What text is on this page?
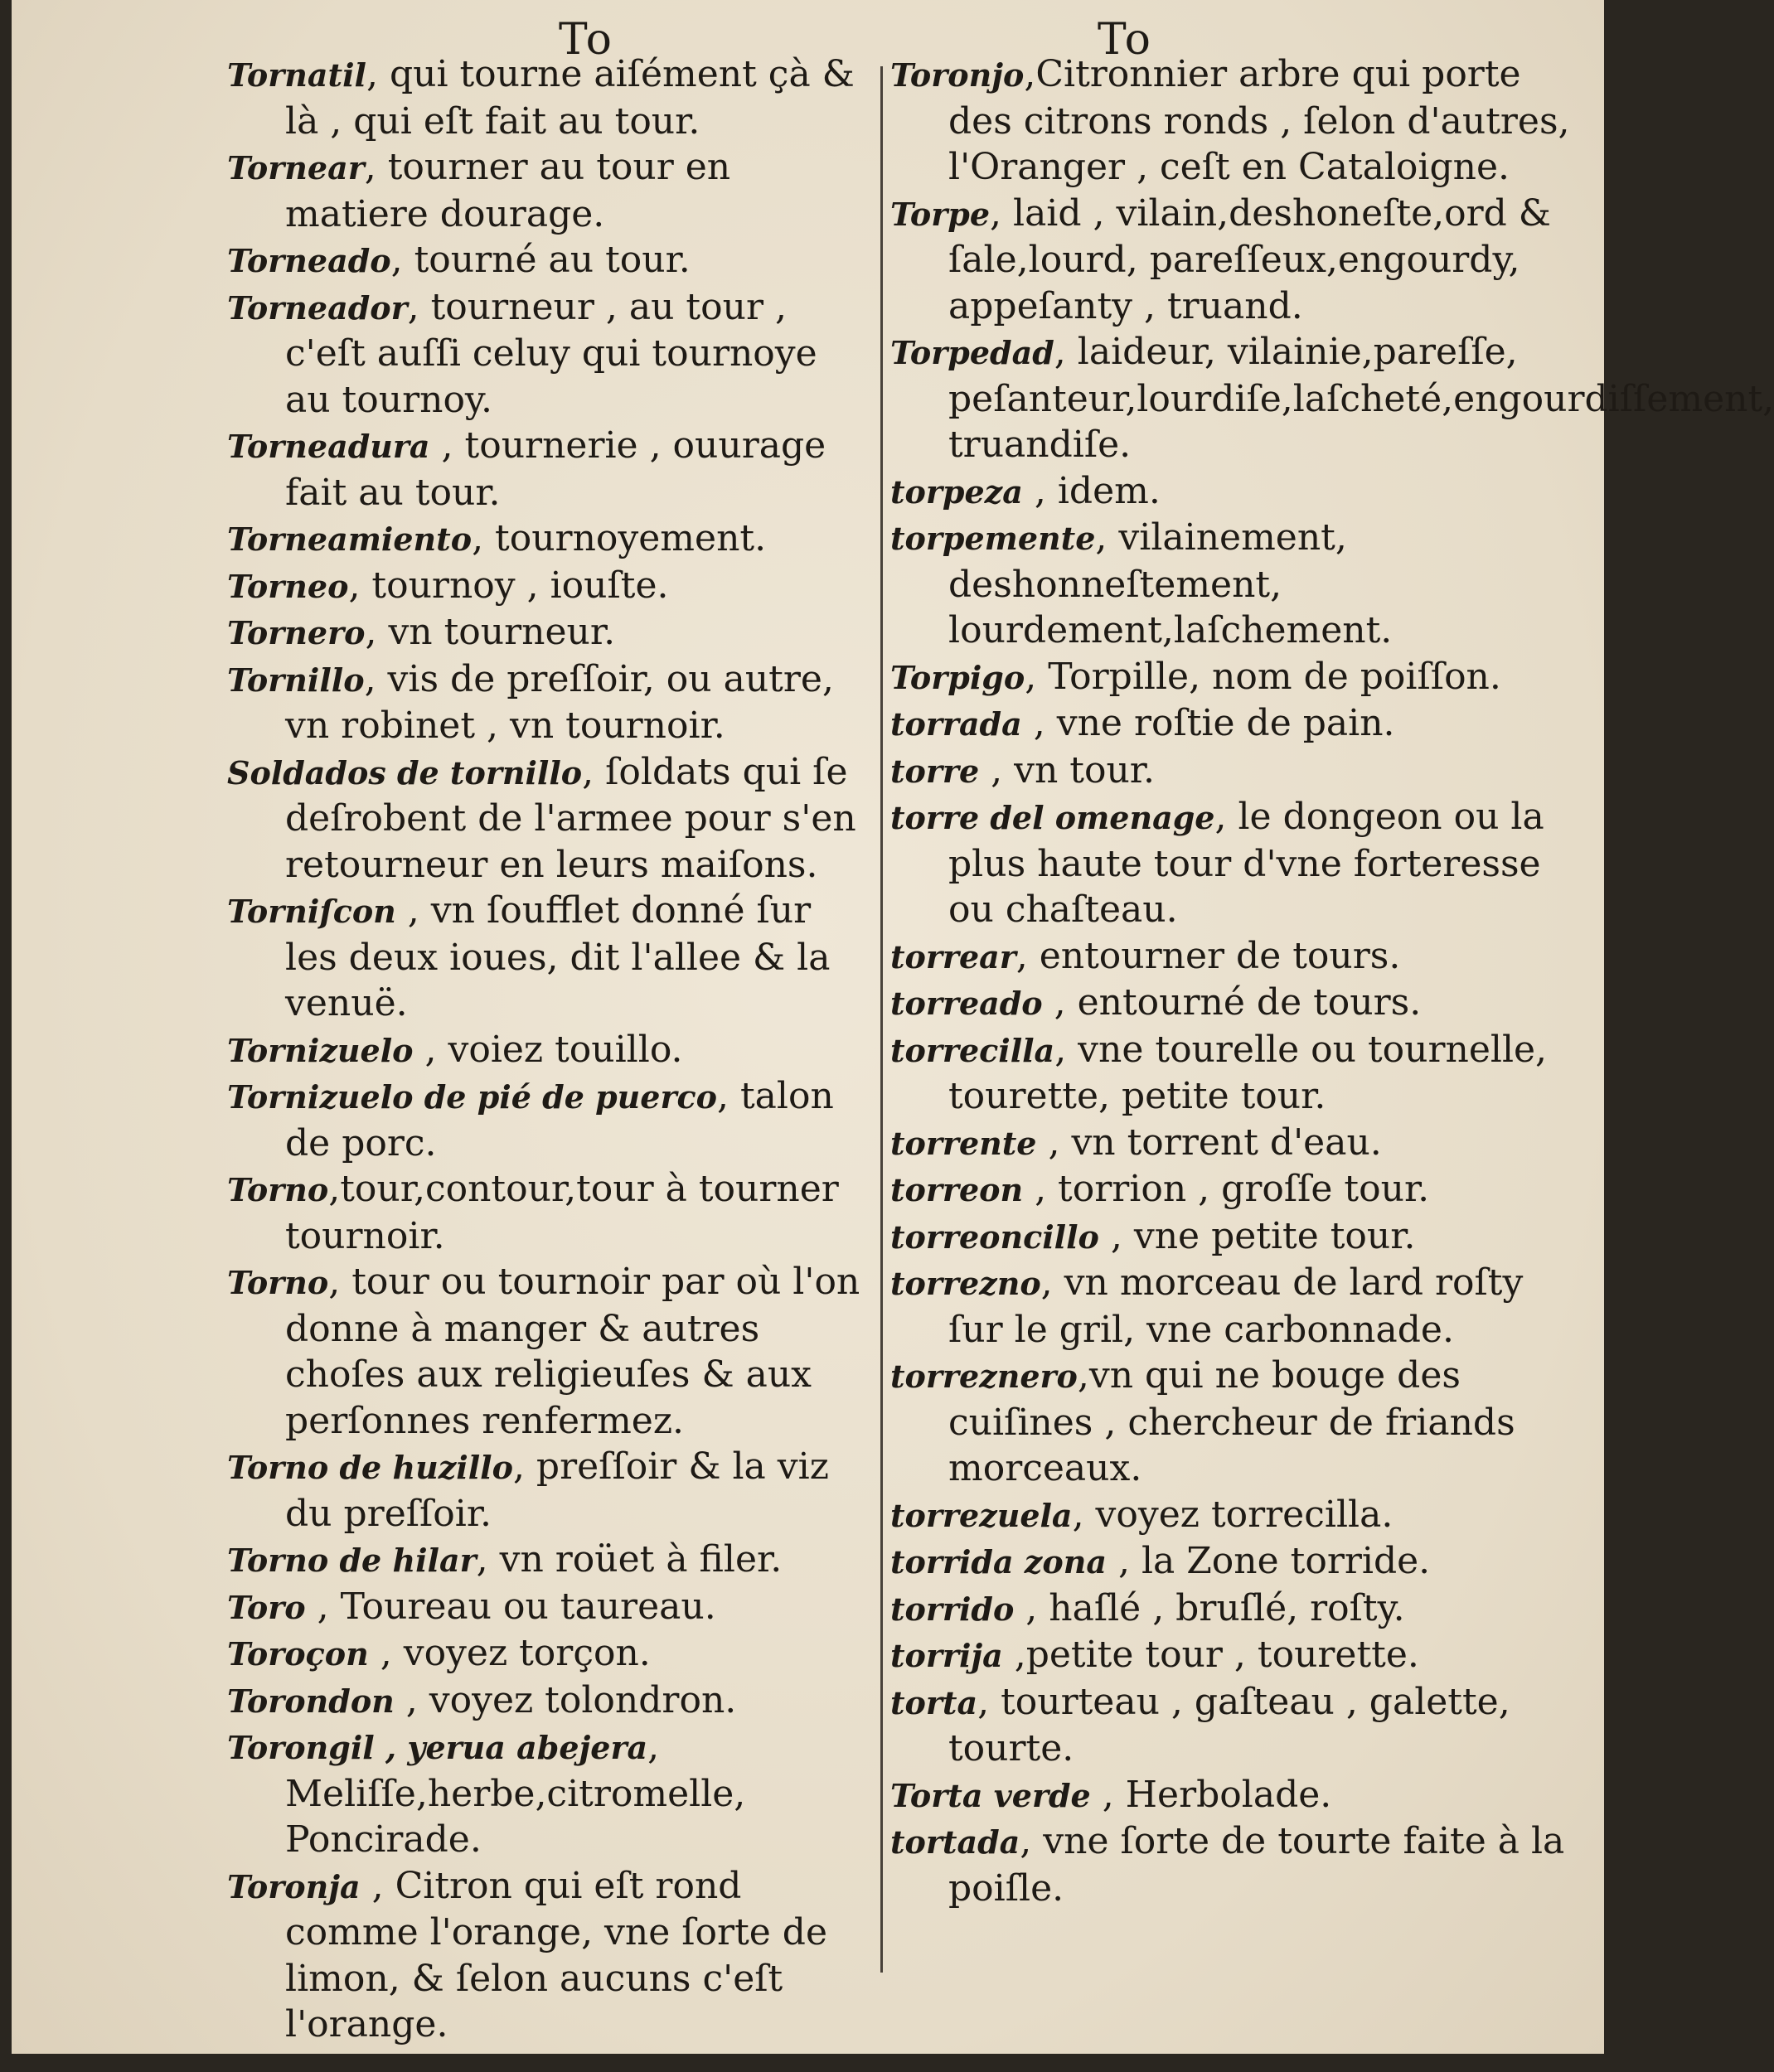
To	To

Tornatil, qui tourne aiſément çà & là , qui eſt fait au tour.

Tornear, tourner au tour en matiere dourage.

Torneado, tourné au tour.

Torneador, tourneur , au tour , c'eſt auſſi celuy qui tournoye au tournoy.

Torneadura , tournerie , ouurage fait au tour.

Torneamiento, tournoyement.

Torneo, tournoy , iouſte.

Tornero, vn tourneur.

Tornillo, vis de preſſoir, ou autre, vn robinet , vn tournoir.

Soldados de tornillo, ſoldats qui ſe deſrobent de l'armee pour s'en retourneur en leurs maiſons.

Torniſcon , vn ſoufflet donné ſur les deux ioues, dit l'allee & la venuë.

Tornizuelo , voiez touillo.

Tornizuelo de pié de puerco, talon de porc.

Torno,tour,contour,tour à tourner tournoir.

Torno, tour ou tournoir par où l'on donne à manger & autres choſes aux religieuſes & aux perſonnes renfermez.

Torno de huzillo, preſſoir & la viz du preſſoir.

Torno de hilar, vn roüet à filer.

Toro , Toureau ou taureau.

Toroçon , voyez torçon.

Torondon , voyez tolondron.

Torongil , yerua abejera, Meliſſe,herbe,citromelle, Poncirade.

Toronja , Citron qui eſt rond comme l'orange, vne ſorte de limon, & ſelon aucuns c'eſt l'orange.

Toronjo,Citronnier arbre qui porte des citrons ronds , ſelon d'autres, l'Oranger , ceſt en Cataloigne.

Torpe, laid , vilain,deshoneſte,ord & ſale,lourd, pareſſeux,engourdy, appeſanty , truand.

Torpedad, laideur, vilainie,pareſſe, peſanteur,lourdiſe,laſcheté,engourdiſſement, truandiſe.

torpeza , idem.

torpemente, vilainement, deshonneſtement, lourdement,laſchement.

Torpigo, Torpille, nom de poiſſon.

torrada , vne roſtie de pain.

torre , vn tour.

torre del omenage, le dongeon ou la plus haute tour d'vne forteresse ou chaſteau.

torrear, entourner de tours.

torreado , entourné de tours.

torrecilla, vne tourelle ou tournelle, tourette, petite tour.

torrente , vn torrent d'eau.

torreon , torrion , groſſe tour.

torreoncillo , vne petite tour.

torrezno, vn morceau de lard roſty ſur le gril, vne carbonnade.

torreznero,vn qui ne bouge des cuiſines , chercheur de friands morceaux.

torrezuela, voyez torrecilla.

torrida zona , la Zone torride.

torrido , haſlé , bruſlé, roſty.

torrija ,petite tour , tourette.

torta, tourteau , gaſteau , galette, tourte.

Torta verde , Herbolade.

tortada, vne ſorte de tourte faite à la poiſle.
